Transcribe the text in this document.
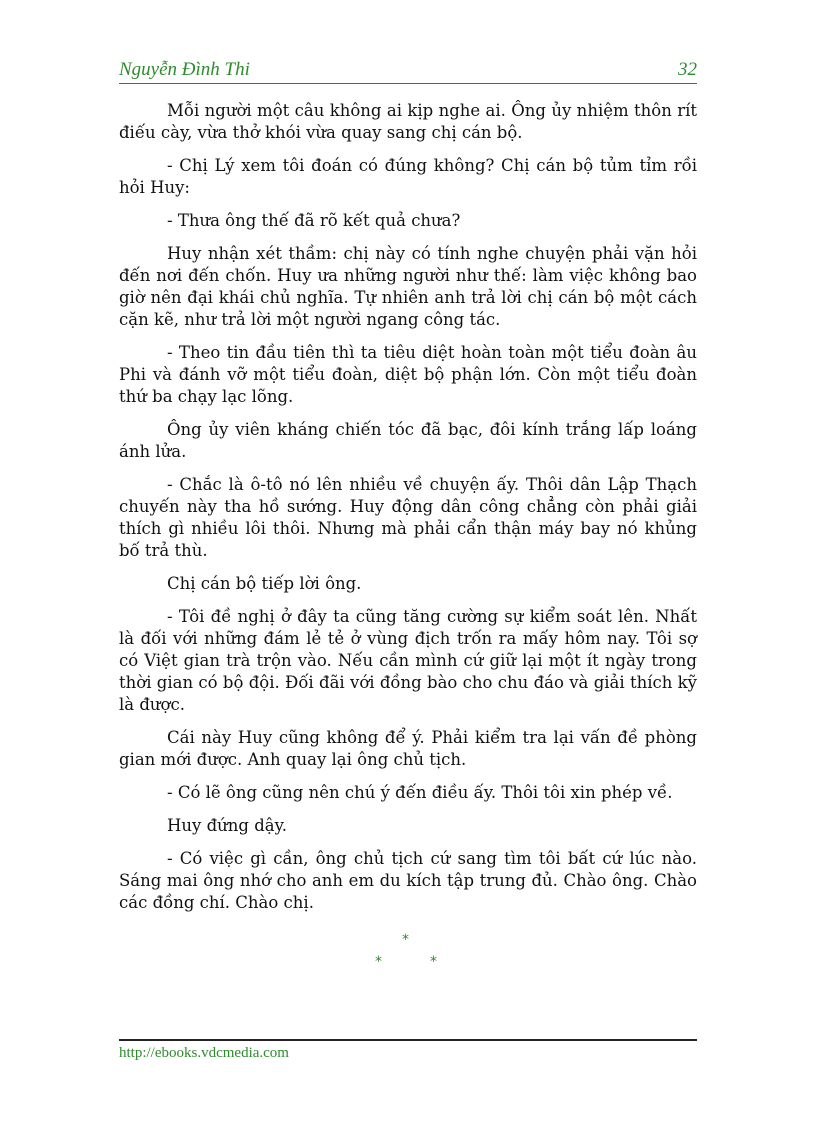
Nguyễn Đình Thi	32

Mỗi người một câu không ai kịp nghe ai. Ông ủy nhiệm thôn rít điếu cày, vừa thở khói vừa quay sang chị cán bộ.

- Chị Lý xem tôi đoán có đúng không? Chị cán bộ tủm tỉm rồi hỏi Huy:

- Thưa ông thế đã rõ kết quả chưa?

Huy nhận xét thầm: chị này có tính nghe chuyện phải vặn hỏi đến nơi đến chốn. Huy ưa những người như thế: làm việc không bao giờ nên đại khái chủ nghĩa. Tự nhiên anh trả lời chị cán bộ một cách cặn kẽ, như trả lời một người ngang công tác.

- Theo tin đầu tiên thì ta tiêu diệt hoàn toàn một tiểu đoàn âu Phi và đánh vỡ một tiểu đoàn, diệt bộ phận lớn. Còn một tiểu đoàn thứ ba chạy lạc lõng.

Ông ủy viên kháng chiến tóc đã bạc, đôi kính trắng lấp loáng ánh lửa.

- Chắc là ô-tô nó lên nhiều về chuyện ấy. Thôi dân Lập Thạch chuyến này tha hồ sướng. Huy động dân công chẳng còn phải giải thích gì nhiều lôi thôi. Nhưng mà phải cẩn thận máy bay nó khủng bố trả thù.

Chị cán bộ tiếp lời ông.

- Tôi đề nghị ở đây ta cũng tăng cường sự kiểm soát lên. Nhất là đối với những đám lẻ tẻ ở vùng địch trốn ra mấy hôm nay. Tôi sợ có Việt gian trà trộn vào. Nếu cần mình cứ giữ lại một ít ngày trong thời gian có bộ đội. Đối đãi với đồng bào cho chu đáo và giải thích kỹ là được.

Cái này Huy cũng không để ý. Phải kiểm tra lại vấn đề phòng gian mới được. Anh quay lại ông chủ tịch.

- Có lẽ ông cũng nên chú ý đến điều ấy. Thôi tôi xin phép về.

Huy đứng dậy.

- Có việc gì cần, ông chủ tịch cứ sang tìm tôi bất cứ lúc nào. Sáng mai ông nhớ cho anh em du kích tập trung đủ. Chào ông. Chào các đồng chí. Chào chị.

*
*	*
http://ebooks.vdcmedia.com
